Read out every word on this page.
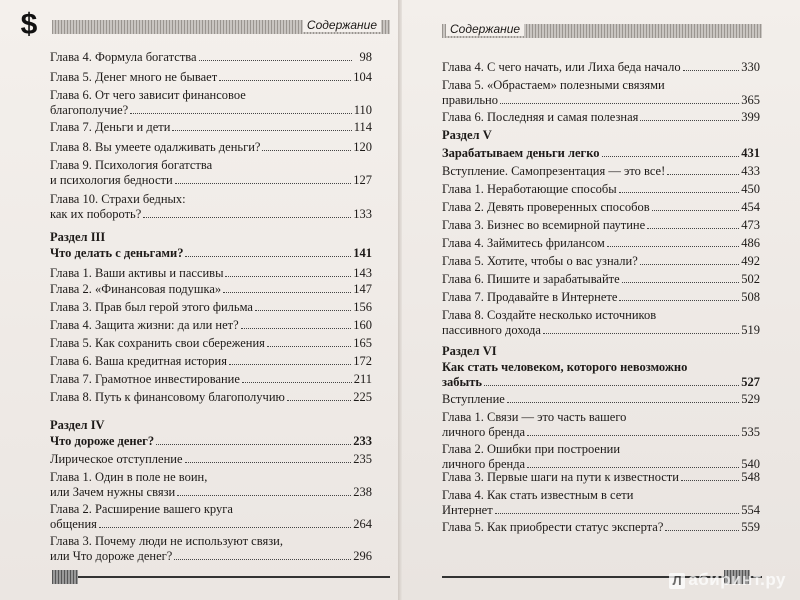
$	Содержание
Глава 4. Формула богатства	98
Глава 5. Денег много не бывает	104
Глава 6. От чего зависит финансовое
благополучие?	110
Глава 7. Деньги и дети	114
Глава 8. Вы умеете одалживать деньги?	120
Глава 9. Психология богатства
и психология бедности	127
Глава 10. Страхи бедных:
как их побороть?	133
Раздел III
Что делать с деньгами?	141
Глава 1. Ваши активы и пассивы	143
Глава 2. «Финансовая подушка»	147
Глава 3. Прав был герой этого фильма	156
Глава 4. Защита жизни: да или нет?	160
Глава 5. Как сохранить свои сбережения	165
Глава 6. Ваша кредитная история	172
Глава 7. Грамотное инвестирование	211
Глава 8. Путь к финансовому благополучию	225
Раздел IV
Что дороже денег?	233
Лирическое отступление	235
Глава 1. Один в поле не воин,
или Зачем нужны связи	238
Глава 2. Расширение вашего круга
общения	264
Глава 3. Почему люди не используют связи,
или Что дороже денег?	296
Содержание
Глава 4. С чего начать, или Лиха беда начало	330
Глава 5. «Обрастаем» полезными связями
правильно	365
Глава 6. Последняя и самая полезная	399
Раздел V
Зарабатываем деньги легко	431
Вступление. Самопрезентация — это все!	433
Глава 1. Неработающие способы	450
Глава 2. Девять проверенных способов	454
Глава 3. Бизнес во всемирной паутине	473
Глава 4. Займитесь фрилансом	486
Глава 5. Хотите, чтобы о вас узнали?	492
Глава 6. Пишите и зарабатывайте	502
Глава 7. Продавайте в Интернете	508
Глава 8. Создайте несколько источников
пассивного дохода	519
Раздел VI
Как стать человеком, которого невозможно
забыть	527
Вступление	529
Глава 1. Связи — это часть вашего
личного бренда	535
Глава 2. Ошибки при построении
личного бренда	540
Глава 3. Первые шаги на пути к известности	548
Глава 4. Как стать известным в сети
Интернет	554
Глава 5. Как приобрести статус эксперта?	559
Л абиринт.ру
